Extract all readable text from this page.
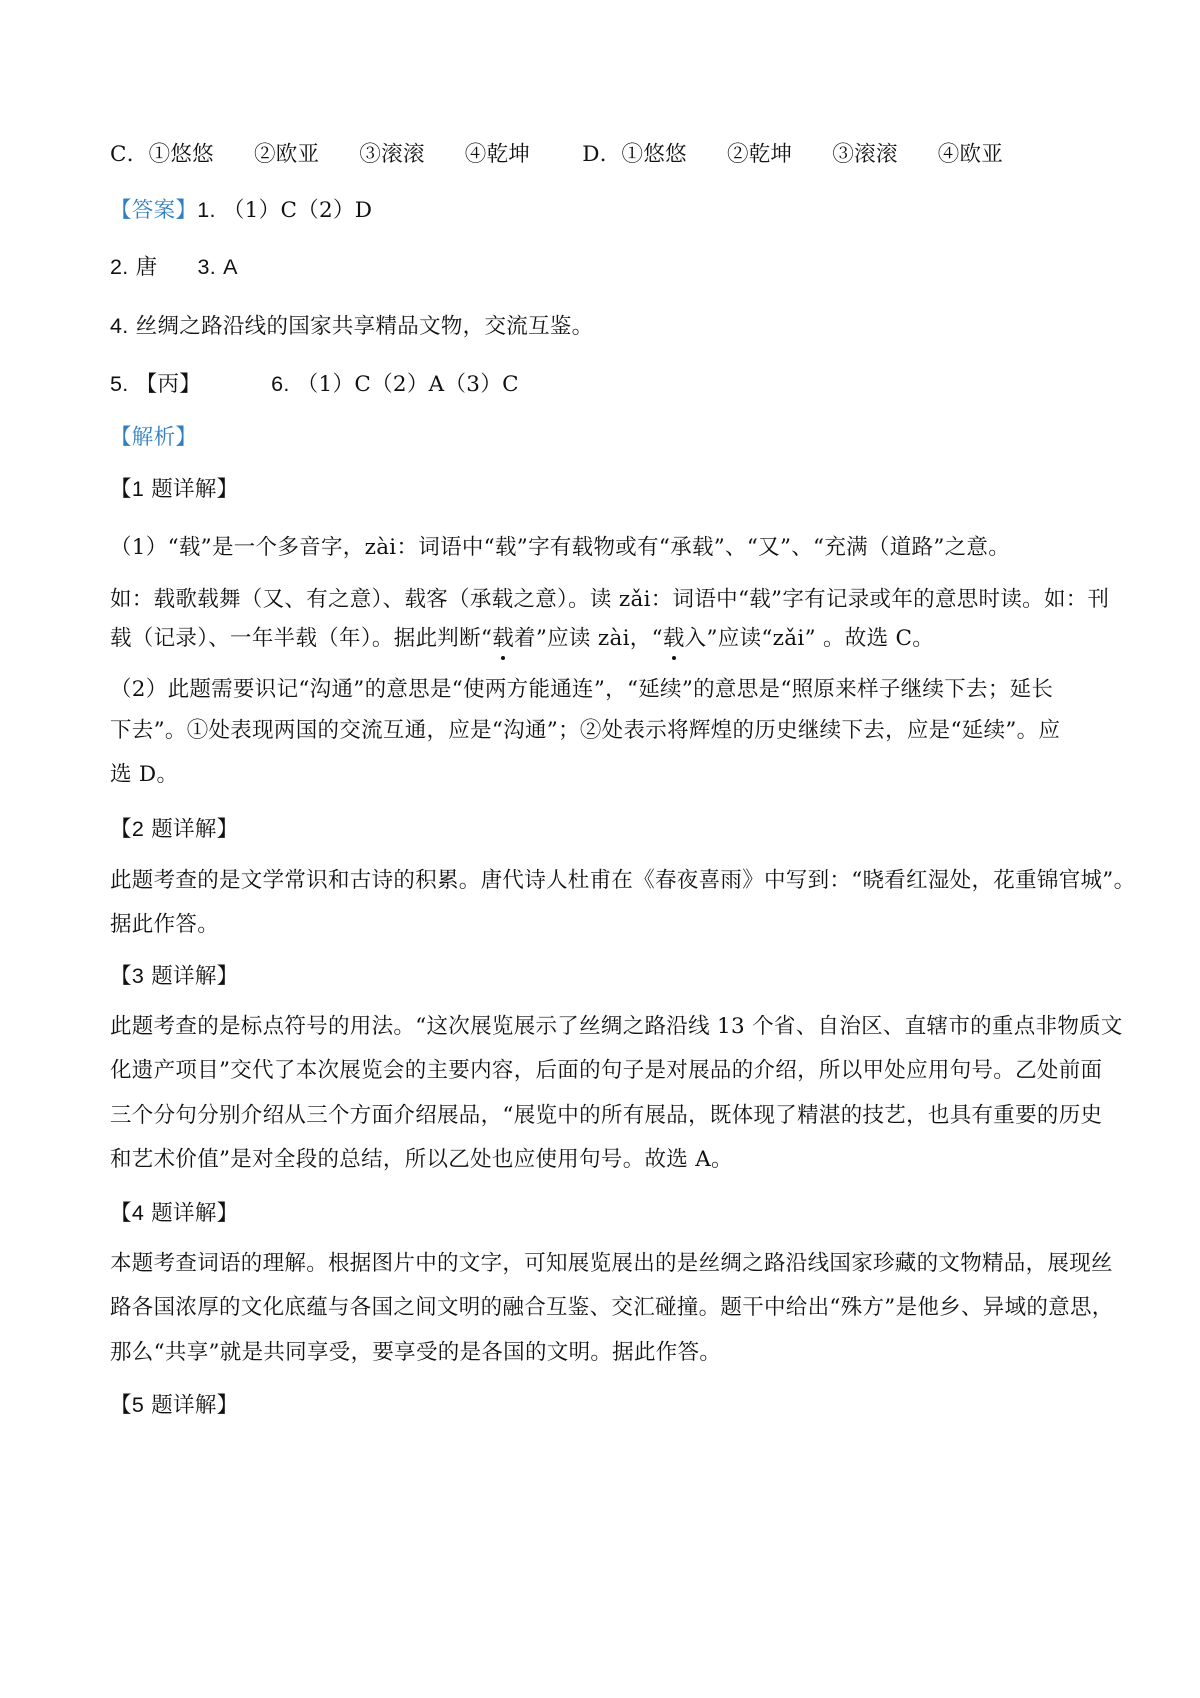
C．①悠悠 ②欧亚 ③滚滚 ④乾坤 D．①悠悠 ②乾坤 ③滚滚 ④欧亚
【答案】1. （1）C（2）D
2. 唐 3. A
4. 丝绸之路沿线的国家共享精品文物，交流互鉴。
5. 【丙】	6. （1）C（2）A（3）C
【解析】
【1 题详解】
（1）“载”是一个多音字，zài：词语中“载”字有载物或有“承载”、“又”、“充满（道路”之意。
如：载歌载舞（又、有之意）、载客（承载之意）。读 zǎi：词语中“载”字有记录或年的意思时读。如：刊
载（记录）、一年半载（年）。据此判断“载着”应读 zài，“载入”应读“zǎi” 。故选 C。
（2）此题需要识记“沟通”的意思是“使两方能通连”，“延续”的意思是“照原来样子继续下去；延长
下去”。①处表现两国的交流互通，应是“沟通”；②处表示将辉煌的历史继续下去，应是“延续”。应
选 D。
【2 题详解】
此题考查的是文学常识和古诗的积累。唐代诗人杜甫在《春夜喜雨》中写到：“晓看红湿处，花重锦官城”。
据此作答。
【3 题详解】
此题考查的是标点符号的用法。“这次展览展示了丝绸之路沿线 13 个省、自治区、直辖市的重点非物质文
化遗产项目”交代了本次展览会的主要内容，后面的句子是对展品的介绍，所以甲处应用句号。乙处前面
三个分句分别介绍从三个方面介绍展品，“展览中的所有展品，既体现了精湛的技艺，也具有重要的历史
和艺术价值”是对全段的总结，所以乙处也应使用句号。故选 A。
【4 题详解】
本题考查词语的理解。根据图片中的文字，可知展览展出的是丝绸之路沿线国家珍藏的文物精品，展现丝
路各国浓厚的文化底蕴与各国之间文明的融合互鉴、交汇碰撞。题干中给出“殊方”是他乡、异域的意思，
那么“共享”就是共同享受，要享受的是各国的文明。据此作答。
【5 题详解】
